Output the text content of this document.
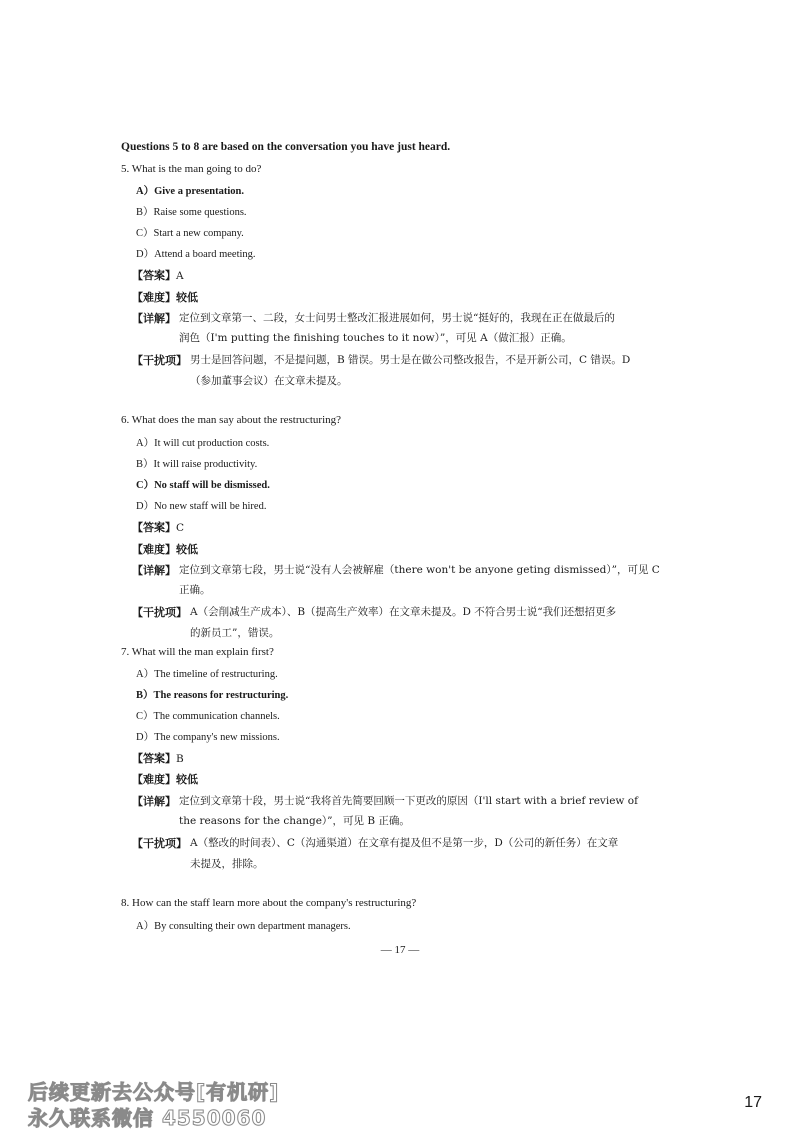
Questions 5 to 8 are based on the conversation you have just heard.
5. What is the man going to do?
A）Give a presentation.
B）Raise some questions.
C）Start a new company.
D）Attend a board meeting.
【答案】A
【难度】较低
【详解】 定位到文章第一、二段，女士问男士整改汇报进展如何，男士说“挺好的，我现在正在做最后的
润色（I'm putting the finishing touches to it now）”，可见 A（做汇报）正确。
【干扰项】 男士是回答问题，不是提问题，B 错误。男士是在做公司整改报告，不是开新公司，C 错误。D
（参加董事会议）在文章未提及。
6. What does the man say about the restructuring?
A）It will cut production costs.
B）It will raise productivity.
C）No staff will be dismissed.
D）No new staff will be hired.
【答案】C
【难度】较低
【详解】 定位到文章第七段，男士说“没有人会被解雇（there won't be anyone geting dismissed）”，可见 C
正确。
【干扰项】 A（会削减生产成本）、B（提高生产效率）在文章未提及。D 不符合男士说“我们还想招更多
的新员工”，错误。
7. What will the man explain first?
A）The timeline of restructuring.
B）The reasons for restructuring.
C）The communication channels.
D）The company's new missions.
【答案】B
【难度】较低
【详解】 定位到文章第十段，男士说“我将首先简要回顾一下更改的原因（I'll start with a brief review of
the reasons for the change）”，可见 B 正确。
【干扰项】 A（整改的时间表）、C（沟通渠道）在文章有提及但不是第一步，D（公司的新任务）在文章
未提及，排除。
8. How can the staff learn more about the company's restructuring?
A）By consulting their own department managers.
— 17 —
后续更新去公众号[有机研]
永久联系微信 4550060
17
